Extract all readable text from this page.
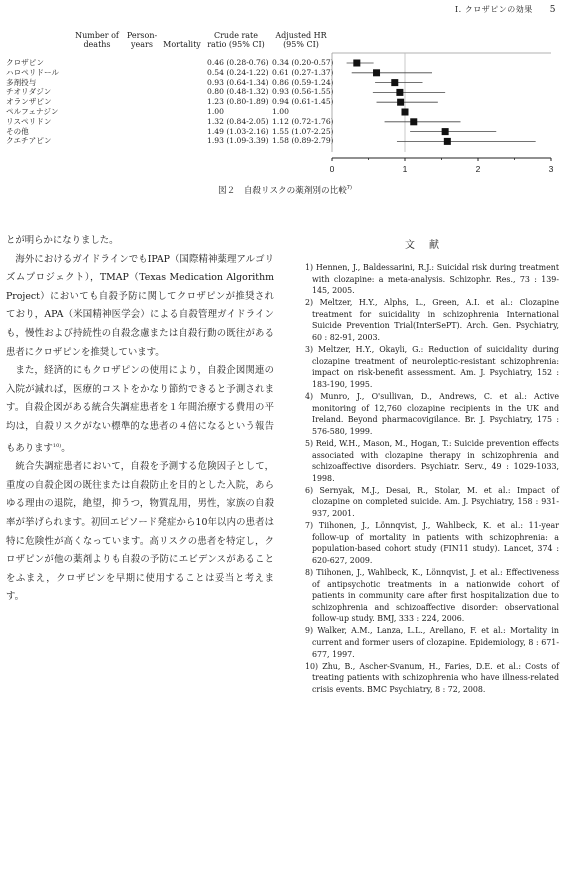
Ⅰ. クロザピンの効果 5
Number of
deaths
Person-
years	Mortality
Crude rate
ratio (95% CI)
Adjusted HR
(95% CI)
クロザピン	0.46 (0.28-0.76) 0.34 (0.20-0.57)
ハロペリドール	0.54 (0.24-1.22) 0.61 (0.27-1.37)
多剤投与	0.93 (0.64-1.34) 0.86 (0.59-1.24)
チオリダジン	0.80 (0.48-1.32) 0.93 (0.56-1.55)
オランザピン	1.23 (0.80-1.89) 0.94 (0.61-1.45)
ペルフェナジン	1.00	1.00
リスペリドン	1.32 (0.84-2.05) 1.12 (0.72-1.76)
その他	1.49 (1.03-2.16) 1.55 (1.07-2.25)
クエチアピン	1.93 (1.09-3.39) 1.58 (0.89-2.79)
0	1	2	3
図２　自殺リスクの薬剤別の比較$^{7)}$

とが明らかになりました。

海外におけるガイドラインでもIPAP（国際精神薬理アルゴリズムプロジェクト），TMAP（Texas Medication Algorithm Project）においても自殺予防に関してクロザピンが推奨されており，APA（米国精神医学会）による自殺管理ガイドラインも，慢性および持続性の自殺念慮または自殺行動の既往がある患者にクロザピンを推奨しています。

また，経済的にもクロザピンの使用により，自殺企図関連の入院が減れば，医療的コストをかなり節約できると予測されます。自殺企図がある統合失調症患者を１年間治療する費用の平均は，自殺リスクがない標準的な患者の４倍になるという報告もあります$^{10)}$。

統合失調症患者において，自殺を予測する危険因子として，重度の自殺企図の既往または自殺防止を目的とした入院，あらゆる理由の退院，絶望，抑うつ，物質乱用，男性，家族の自殺率が挙げられます。初回エピソード発症から10年以内の患者は特に危険性が高くなっています。高リスクの患者を特定し，クロザピンが他の薬剤よりも自殺の予防にエビデンスがあることをふまえ，クロザピンを早期に使用することは妥当と考えます。

文献
1) Hennen, J., Baldessarini, R.J.: Suicidal risk during treatment with clozapine: a meta-analysis. Schizophr. Res., 73 : 139-145, 2005.
2) Meltzer, H.Y., Alphs, L., Green, A.I. et al.: Clozapine treatment for suicidality in schizophrenia International Suicide Prevention Trial(InterSePT). Arch. Gen. Psychiatry, 60 : 82-91, 2003.
3) Meltzer, H.Y., Okayli, G.: Reduction of suicidality during clozapine treatment of neuroleptic-resistant schizophrenia: impact on risk-benefit assessment. Am. J. Psychiatry, 152 : 183-190, 1995.
4) Munro, J., O'sullivan, D., Andrews, C. et al.: Active monitoring of 12,760 clozapine recipients in the UK and Ireland. Beyond pharmacovigilance. Br. J. Psychiatry, 175 : 576-580, 1999.
5) Reid, W.H., Mason, M., Hogan, T.: Suicide prevention effects associated with clozapine therapy in schizophrenia and schizoaffective disorders. Psychiatr. Serv., 49 : 1029-1033, 1998.
6) Sernyak, M.J., Desai, R., Stolar, M. et al.: Impact of clozapine on completed suicide. Am. J. Psychiatry, 158 : 931-937, 2001.
7) Tiihonen, J., Lönnqvist, J., Wahlbeck, K. et al.: 11-year follow-up of mortality in patients with schizophrenia: a population-based cohort study (FIN11 study). Lancet, 374 : 620-627, 2009.
8) Tiihonen, J., Wahlbeck, K., Lönnqvist, J. et al.: Effectiveness of antipsychotic treatments in a nationwide cohort of patients in community care after first hospitalization due to schizophrenia and schizoaffective disorder: observational follow-up study. BMJ, 333 : 224, 2006.
9) Walker, A.M., Lanza, L.L., Arellano, F. et al.: Mortality in current and former users of clozapine. Epidemiology, 8 : 671-677, 1997.
10) Zhu, B., Ascher-Svanum, H., Faries, D.E. et al.: Costs of treating patients with schizophrenia who have illness-related crisis events. BMC Psychiatry, 8 : 72, 2008.
